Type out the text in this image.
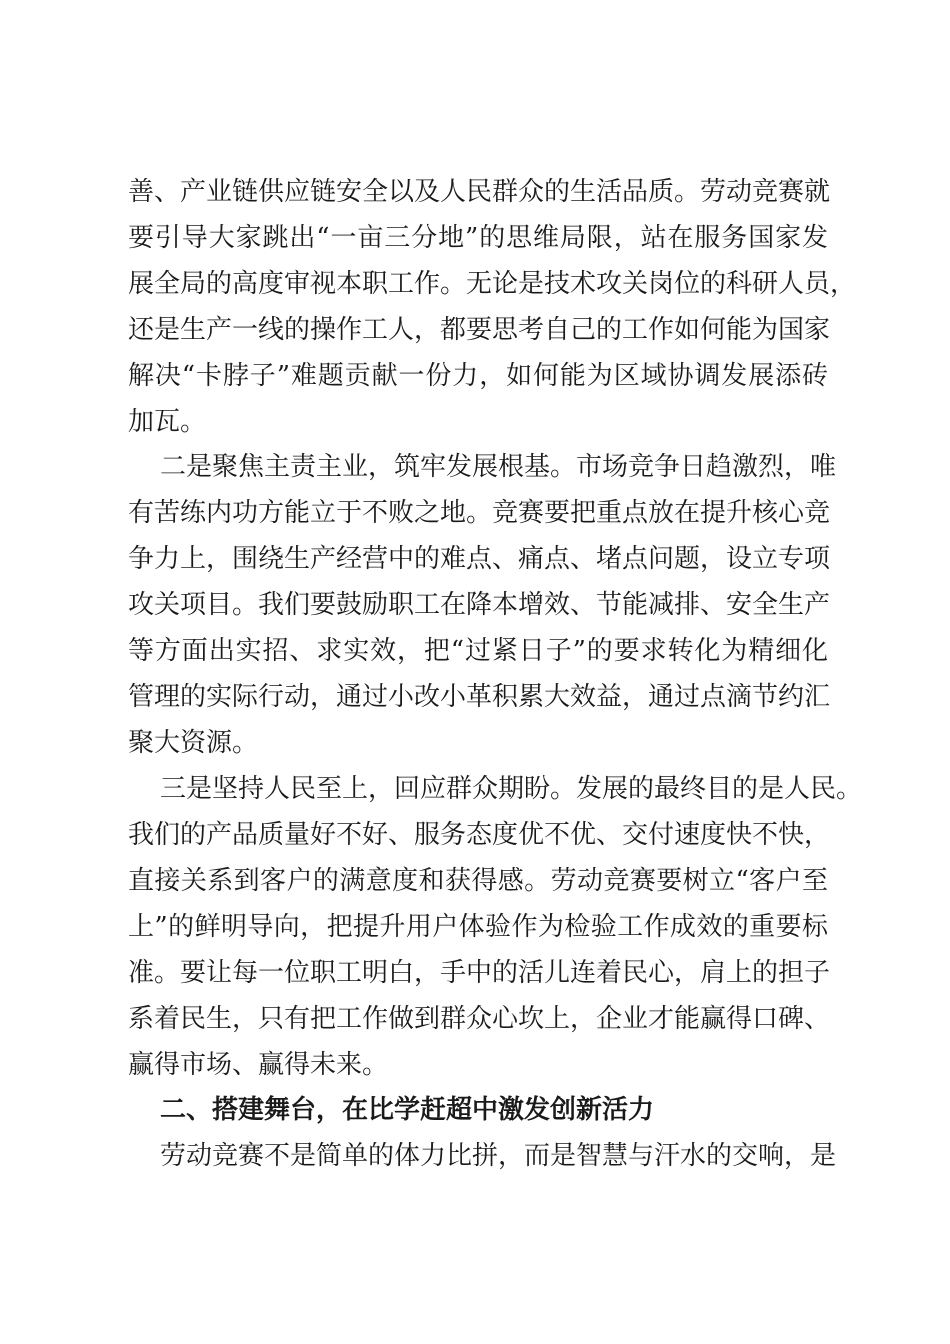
善、产业链供应链安全以及人民群众的生活品质。劳动竞赛就
要引导大家跳出“一亩三分地”的思维局限，站在服务国家发
展全局的高度审视本职工作。无论是技术攻关岗位的科研人员，
还是生产一线的操作工人，都要思考自己的工作如何能为国家
解决“卡脖子”难题贡献一份力，如何能为区域协调发展添砖
加瓦。
二是聚焦主责主业，筑牢发展根基。市场竞争日趋激烈，唯
有苦练内功方能立于不败之地。竞赛要把重点放在提升核心竞
争力上，围绕生产经营中的难点、痛点、堵点问题，设立专项
攻关项目。我们要鼓励职工在降本增效、节能减排、安全生产
等方面出实招、求实效，把“过紧日子”的要求转化为精细化
管理的实际行动，通过小改小革积累大效益，通过点滴节约汇
聚大资源。
三是坚持人民至上，回应群众期盼。发展的最终目的是人民。
我们的产品质量好不好、服务态度优不优、交付速度快不快，
直接关系到客户的满意度和获得感。劳动竞赛要树立“客户至
上”的鲜明导向，把提升用户体验作为检验工作成效的重要标
准。要让每一位职工明白，手中的活儿连着民心，肩上的担子
系着民生，只有把工作做到群众心坎上，企业才能赢得口碑、
赢得市场、赢得未来。
二、搭建舞台，在比学赶超中激发创新活力
劳动竞赛不是简单的体力比拼，而是智慧与汗水的交响，是
